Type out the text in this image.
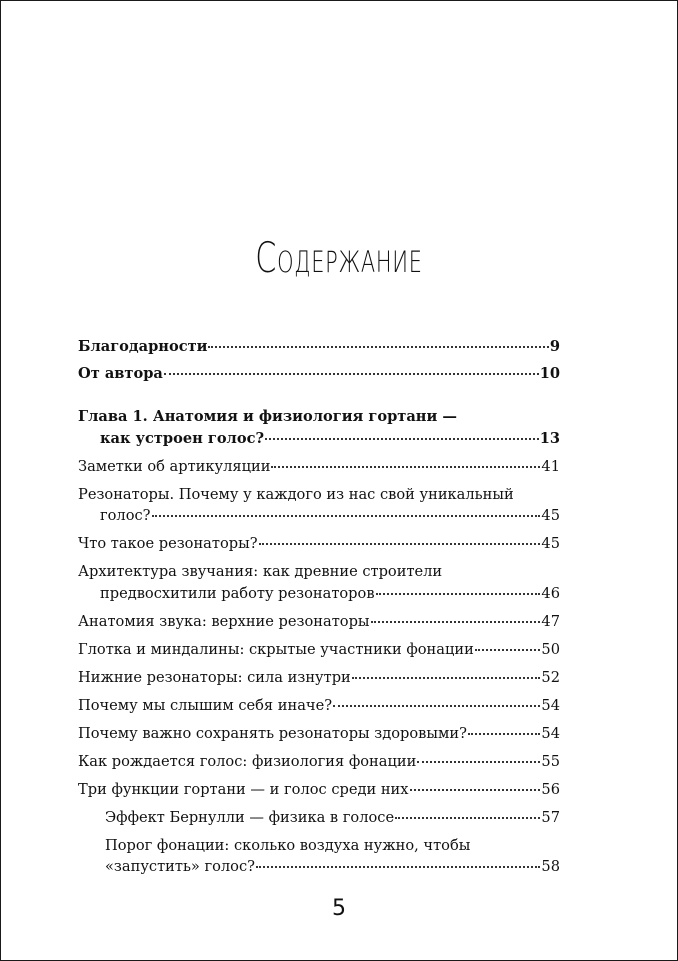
Содержание
Благодарности	9
От автора	10
Глава 1. Анатомия и физиология гортани —
как устроен голос?	13
Заметки об артикуляции	41
Резонаторы. Почему у каждого из нас свой уникальный
голос?	45
Что такое резонаторы?	45
Архитектура звучания: как древние строители
предвосхитили работу резонаторов	46
Анатомия звука: верхние резонаторы	47
Глотка и миндалины: скрытые участники фонации	50
Нижние резонаторы: сила изнутри	52
Почему мы слышим себя иначе?	54
Почему важно сохранять резонаторы здоровыми?	54
Как рождается голос: физиология фонации	55
Три функции гортани — и голос среди них	56
Эффект Бернулли — физика в голосе	57
Порог фонации: сколько воздуха нужно, чтобы
«запустить» голос?	58
5
